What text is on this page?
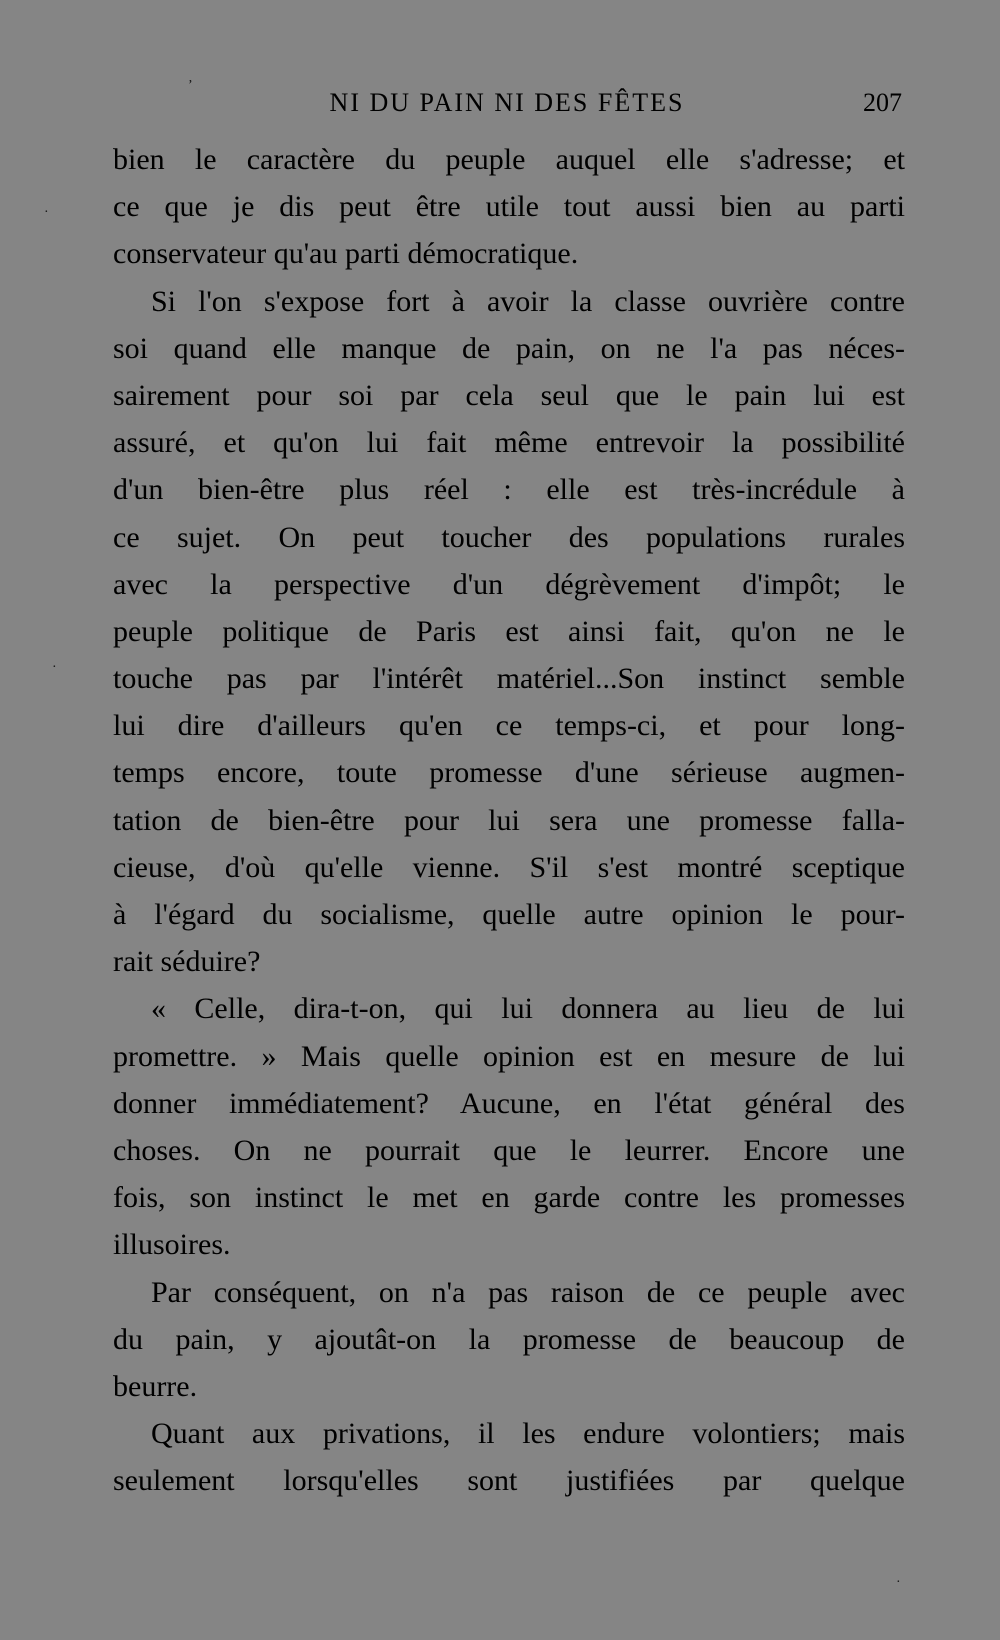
NI DU PAIN NI DES FÊTES	207
bien le caractère du peuple auquel elle s'adresse; et
ce que je dis peut être utile tout aussi bien au parti
conservateur qu'au parti démocratique.
Si l'on s'expose fort à avoir la classe ouvrière contre
soi quand elle manque de pain, on ne l'a pas néces-
sairement pour soi par cela seul que le pain lui est
assuré, et qu'on lui fait même entrevoir la possibilité
d'un bien-être plus réel : elle est très-incrédule à
ce sujet. On peut toucher des populations rurales
avec la perspective d'un dégrèvement d'impôt; le
peuple politique de Paris est ainsi fait, qu'on ne le
touche pas par l'intérêt matériel...Son instinct semble
lui dire d'ailleurs qu'en ce temps-ci, et pour long-
temps encore, toute promesse d'une sérieuse augmen-
tation de bien-être pour lui sera une promesse falla-
cieuse, d'où qu'elle vienne. S'il s'est montré sceptique
à l'égard du socialisme, quelle autre opinion le pour-
rait séduire?
« Celle, dira-t-on, qui lui donnera au lieu de lui
promettre. » Mais quelle opinion est en mesure de lui
donner immédiatement? Aucune, en l'état général des
choses. On ne pourrait que le leurrer. Encore une
fois, son instinct le met en garde contre les promesses
illusoires.
Par conséquent, on n'a pas raison de ce peuple avec
du pain, y ajoutât-on la promesse de beaucoup de
beurre.
Quant aux privations, il les endure volontiers; mais
seulement lorsqu'elles sont justifiées par quelque
ʼ
·
·
·
